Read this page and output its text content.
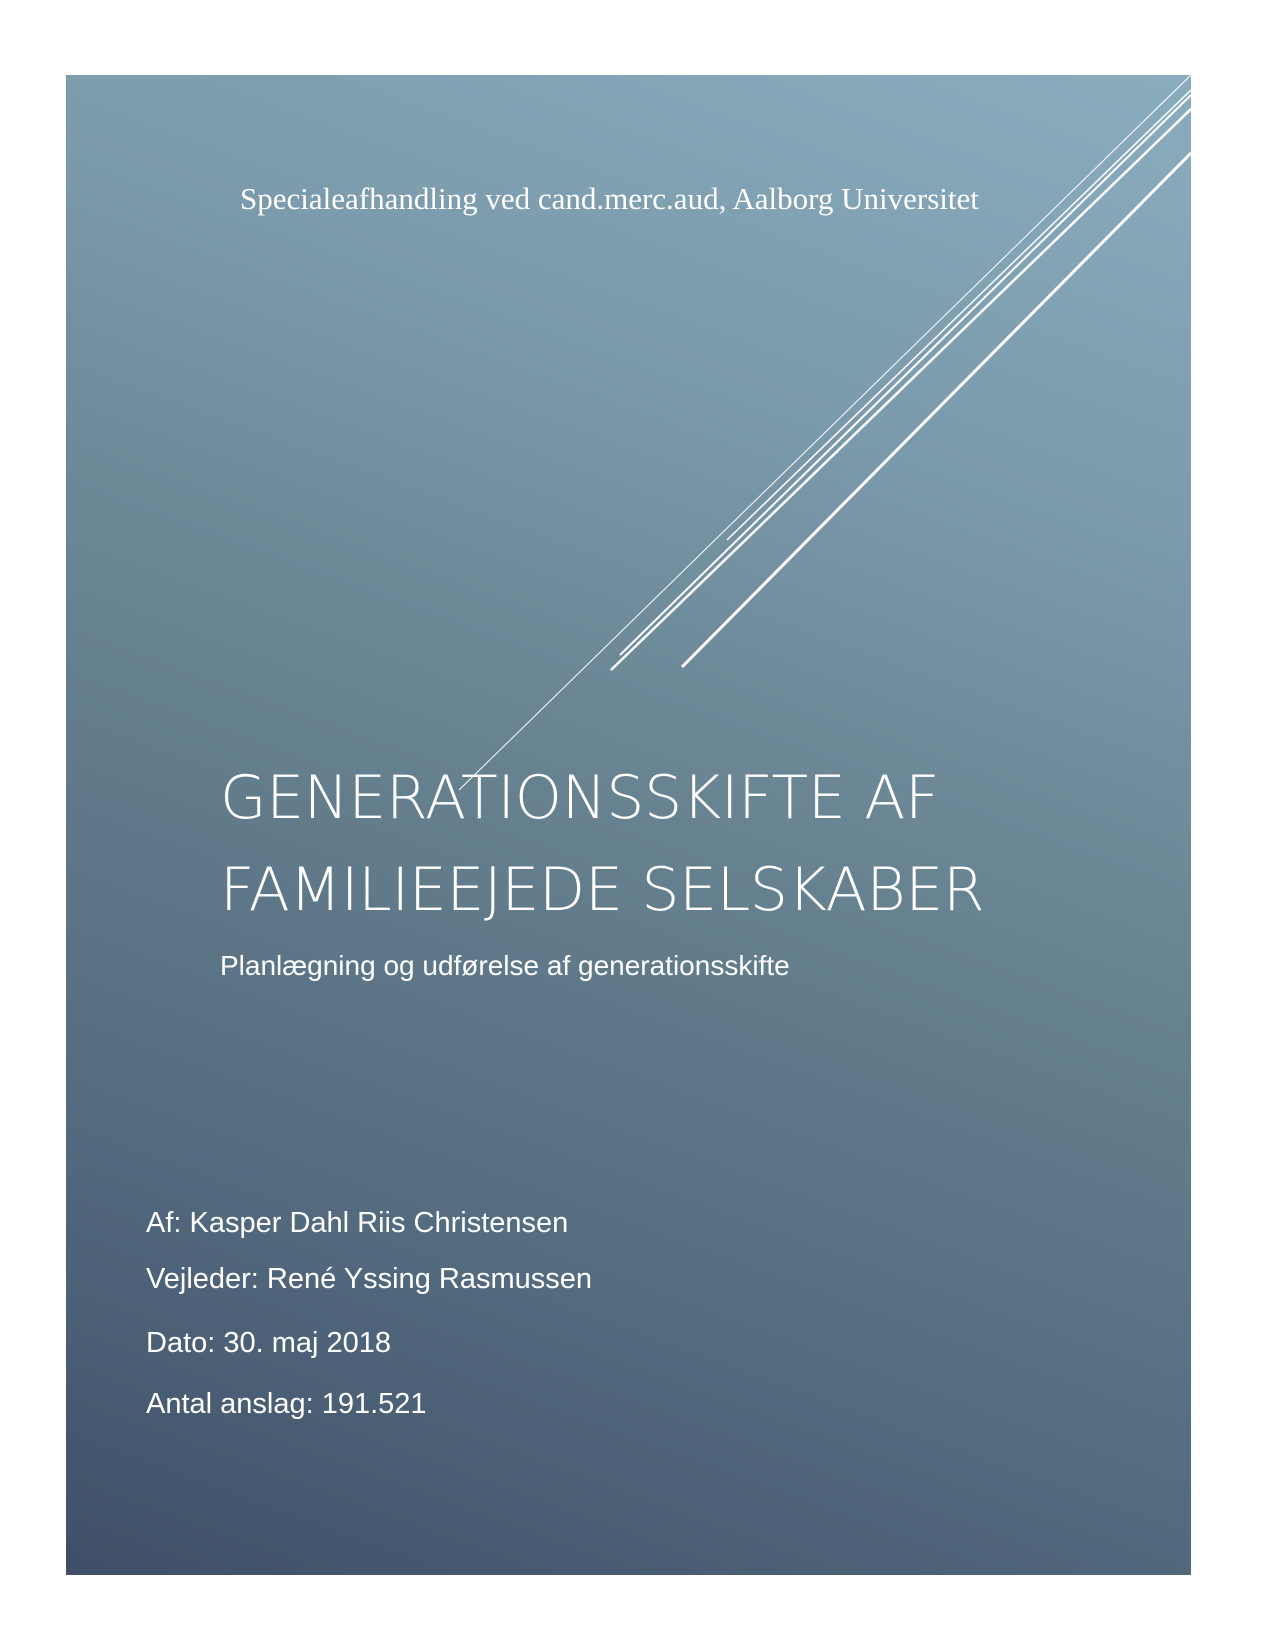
Specialeafhandling ved cand.merc.aud, Aalborg Universitet
GENERATIONSSKIFTE AF
FAMILIEEJEDE SELSKABER
Planlægning og udførelse af generationsskifte
Af: Kasper Dahl Riis Christensen
Vejleder: René Yssing Rasmussen
Dato: 30. maj 2018
Antal anslag: 191.521
